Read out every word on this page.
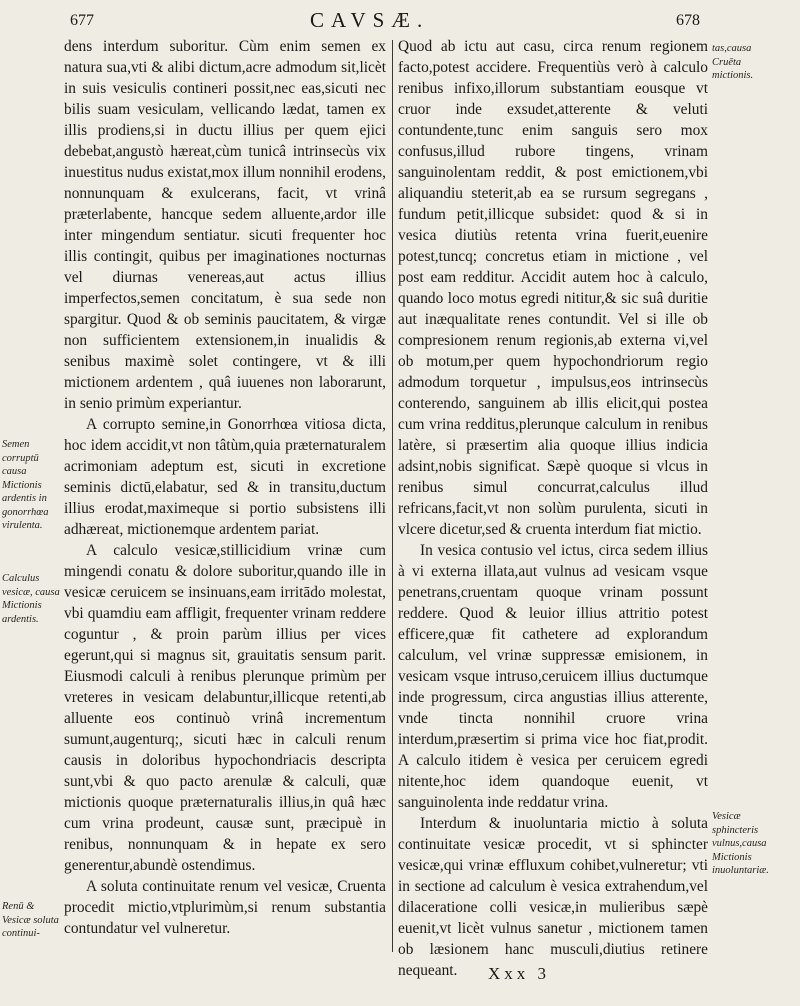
677	CAVSÆ.	678

dens interdum suboritur. Cùm enim semen ex natura sua,vti & alibi dictum,acre admodum sit,licèt in suis vesiculis contineri possit,nec eas,sicuti nec bilis suam vesiculam, vellicando lædat, tamen ex illis prodiens,si in ductu illius per quem ejici debebat,angustò hæreat,cùm tunicâ intrinsecùs vix inuestitus nudus existat,mox illum nonnihil erodens, nonnunquam & exulcerans, facit, vt vrinâ præterlabente, hancque sedem alluente,ardor ille inter mingendum sentiatur. sicuti frequenter hoc illis contingit, quibus per imaginationes nocturnas vel diurnas venereas,aut actus illius imperfectos,semen concitatum, è sua sede non spargitur. Quod & ob seminis paucitatem, & virgæ non sufficientem extensionem,in inualidis & senibus maximè solet contingere, vt & illi mictionem ardentem , quâ iuuenes non laborarunt, in senio primùm experiantur.

A corrupto semine,in Gonorrhœa vitiosa dicta, hoc idem accidit,vt non tâtùm,quia præternaturalem acrimoniam adeptum est, sicuti in excretione seminis dictū,elabatur, sed & in transitu,ductum illius erodat,maximeque si portio subsistens illi adhæreat, mictionemque ardentem pariat.

A calculo vesicæ,stillicidium vrinæ cum mingendi conatu & dolore suboritur,quando ille in vesicæ ceruicem se insinuans,eam irritādo molestat, vbi quamdiu eam affligit, frequenter vrinam reddere coguntur , & proin parùm illius per vices egerunt,qui si magnus sit, grauitatis sensum parit. Eiusmodi calculi à renibus plerunque primùm per vreteres in vesicam delabuntur,illicque retenti,ab alluente eos continuò vrinâ incrementum sumunt,augenturq;, sicuti hæc in calculi renum causis in doloribus hypochondriacis descripta sunt,vbi & quo pacto arenulæ & calculi, quæ mictionis quoque præternaturalis illius,in quâ hæc cum vrina prodeunt, causæ sunt, præcipuè in renibus, nonnunquam & in hepate ex sero generentur,abundè ostendimus.

A soluta continuitate renum vel vesicæ, Cruenta procedit mictio,vtplurimùm,si renum substantia contundatur vel vulneretur.

Quod ab ictu aut casu, circa renum regionem facto,potest accidere. Frequentiùs verò à calculo renibus infixo,illorum substantiam eousque vt cruor inde exsudet,atterente & veluti contundente,tunc enim sanguis sero mox confusus,illud rubore tingens, vrinam sanguinolentam reddit, & post emictionem,vbi aliquandiu steterit,ab ea se rursum segregans , fundum petit,illicque subsidet: quod & si in vesica diutiùs retenta vrina fuerit,euenire potest,tuncq; concretus etiam in mictione , vel post eam redditur. Accidit autem hoc à calculo, quando loco motus egredi nititur,& sic suâ duritie aut inæqualitate renes contundit. Vel si ille ob compresionem renum regionis,ab externa vi,vel ob motum,per quem hypochondriorum regio admodum torquetur , impulsus,eos intrinsecùs conterendo, sanguinem ab illis elicit,qui postea cum vrina redditus,plerunque calculum in renibus latère, si præsertim alia quoque illius indicia adsint,nobis significat. Sæpè quoque si vlcus in renibus simul concurrat,calculus illud refricans,facit,vt non solùm purulenta, sicuti in vlcere dicetur,sed & cruenta interdum fiat mictio.

In vesica contusio vel ictus, circa sedem illius à vi externa illata,aut vulnus ad vesicam vsque penetrans,cruentam quoque vrinam possunt reddere. Quod & leuior illius attritio potest efficere,quæ fit cathetere ad explorandum calculum, vel vrinæ suppressæ emisionem, in vesicam vsque intruso,ceruicem illius ductumque inde progressum, circa angustias illius atterente, vnde tincta nonnihil cruore vrina interdum,præsertim si prima vice hoc fiat,prodit. A calculo itidem è vesica per ceruicem egredi nitente,hoc idem quandoque euenit, vt sanguinolenta inde reddatur vrina.

Interdum & inuoluntaria mictio à soluta continuitate vesicæ procedit, vt si sphincter vesicæ,qui vrinæ effluxum cohibet,vulneretur; vti in sectione ad calculum è vesica extrahendum,vel dilaceratione colli vesicæ,in mulieribus sæpè euenit,vt licèt vulnus sanetur , mictionem tamen ob læsionem hanc musculi,diutius retinere nequeant.

tas,causa Cruēta mictionis.
Semen corruptū causa Mictionis ardentis in gonorrhœa virulenta.
Calculus vesicæ, causa Mictionis ardentis.
Vesicæ sphincteris vulnus,causa Mictionis inuoluntariæ.
Renū & Vesicæ soluta continui-
Xxx 3
